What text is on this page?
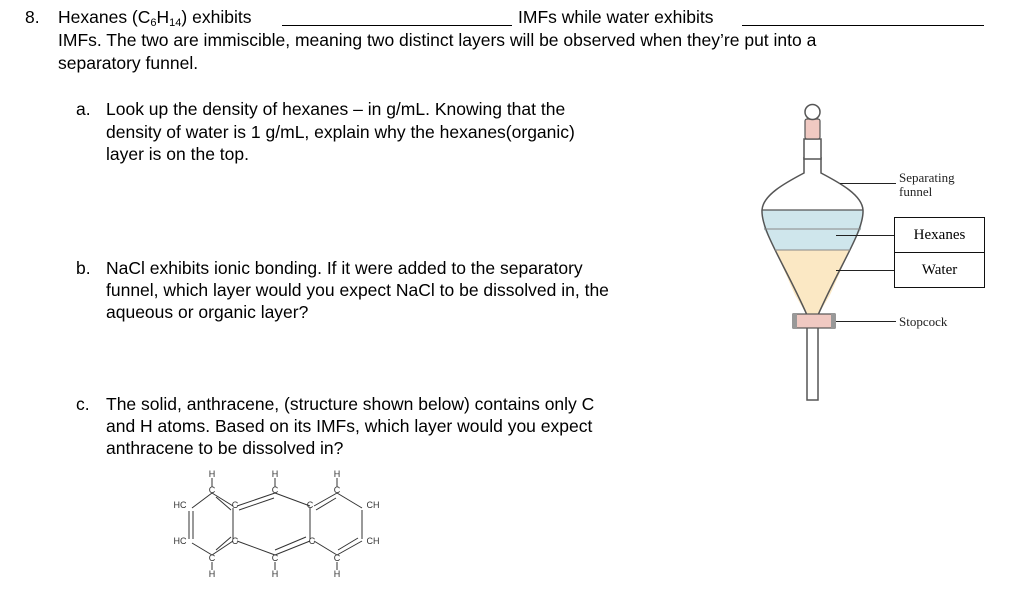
8. Hexanes $(C_6H_{14})$ exhibits	IMFs while water exhibits
IMFs. The two are immiscible, meaning two distinct layers will be observed when they’re put into a
separatory funnel.
a. Look up the density of hexanes – in g/mL. Knowing that the
density of water is 1 g/mL, explain why the hexanes(organic)
layer is on the top.
b. NaCl exhibits ionic bonding. If it were added to the separatory
funnel, which layer would you expect NaCl to be dissolved in, the
aqueous or organic layer?
c. The solid, anthracene, (structure shown below) contains only C
and H atoms. Based on its IMFs, which layer would you expect
anthracene to be dissolved in?
H
C
H
C
H
C
HC
HC
C
C
C
C
CH
CH
C
H
C
H
C
H
Separating
funnel
Hexanes
Water
Stopcock
